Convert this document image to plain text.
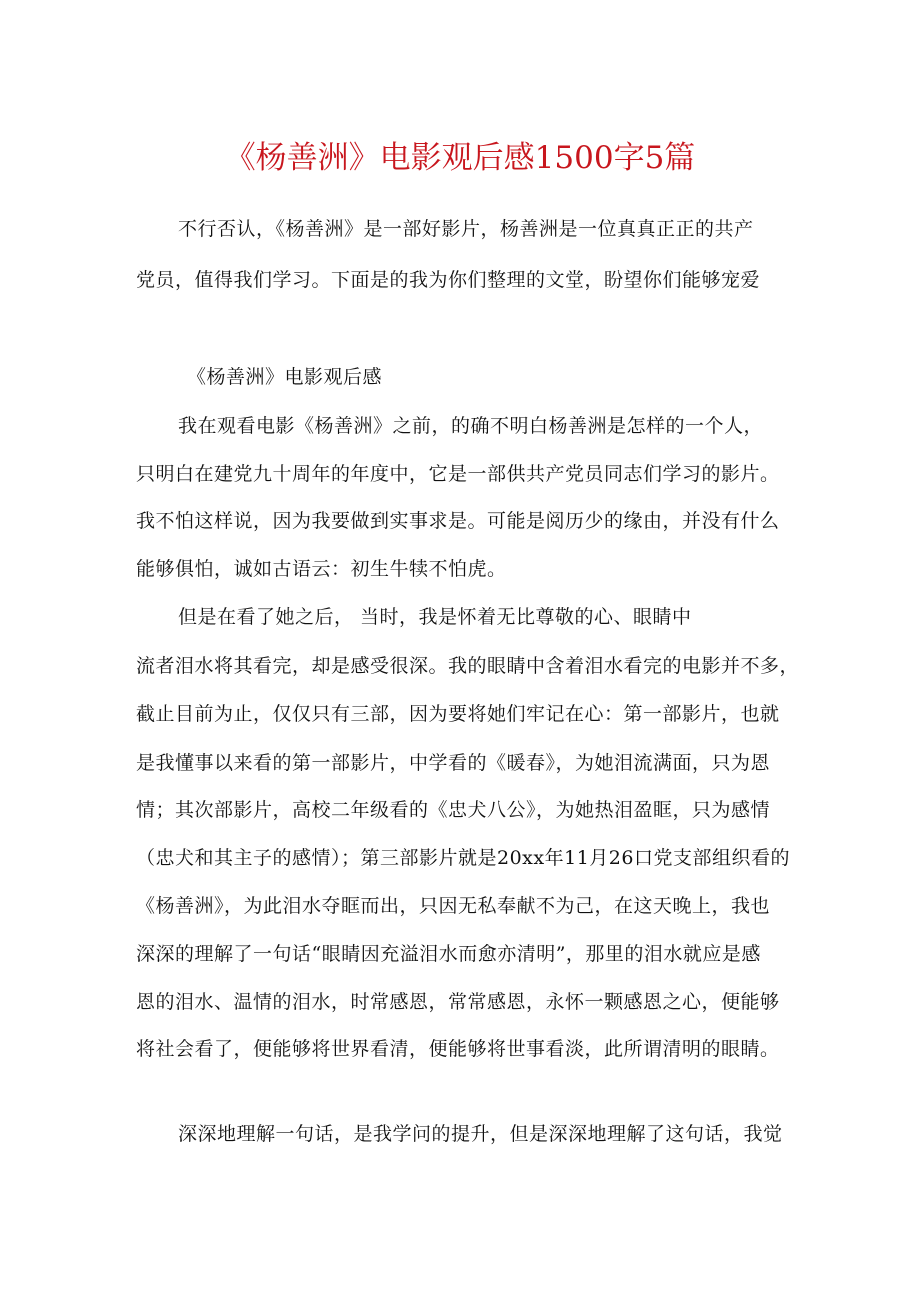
《杨善洲》电影观后感1500字5篇
不行否认，《杨善洲》是一部好影片，杨善洲是一位真真正正的共产
党员，值得我们学习。下面是的我为你们整理的文堂，盼望你们能够宠爱
《杨善洲》电影观后感
我在观看电影《杨善洲》之前，的确不明白杨善洲是怎样的一个人，
只明白在建党九十周年的年度中，它是一部供共产党员同志们学习的影片。
我不怕这样说，因为我要做到实事求是。可能是阅历少的缘由，并没有什么
能够俱怕，诚如古语云：初生牛犊不怕虎。
但是在看了她之后， 当时，我是怀着无比尊敬的心、眼睛中
流者泪水将其看完，却是感受很深。我的眼睛中含着泪水看完的电影并不多，
截止目前为止，仅仅只有三部，因为要将她们牢记在心：第一部影片，也就
是我懂事以来看的第一部影片，中学看的《暖春》，为她泪流满面，只为恩
情；其次部影片，高校二年级看的《忠犬八公》，为她热泪盈眶，只为感情
（忠犬和其主子的感情）；第三部影片就是20xx年11月26口党支部组织看的
《杨善洲》，为此泪水夺眶而出，只因无私奉献不为己，在这天晚上，我也
深深的理解了一句话“眼睛因充溢泪水而愈亦清明”，那里的泪水就应是感
恩的泪水、温情的泪水，时常感恩，常常感恩，永怀一颗感恩之心，便能够
将社会看了，便能够将世界看清，便能够将世事看淡，此所谓清明的眼睛。
深深地理解一句话，是我学问的提升，但是深深地理解了这句话，我觉
